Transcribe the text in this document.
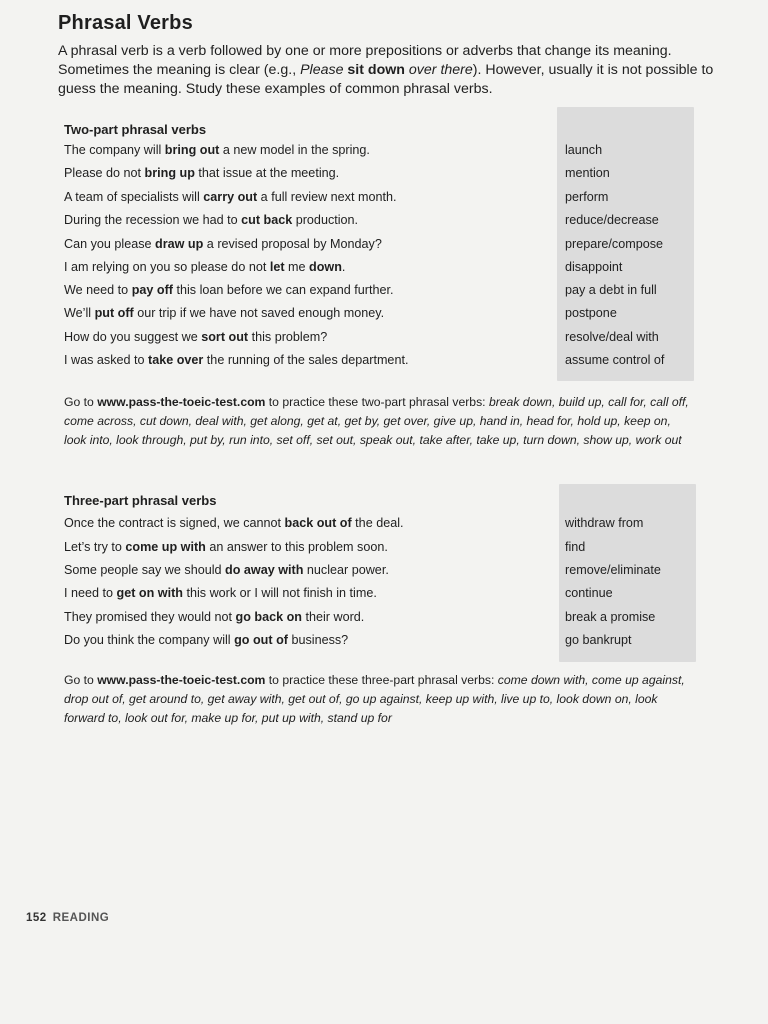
Phrasal Verbs
A phrasal verb is a verb followed by one or more prepositions or adverbs that change its meaning.
Sometimes the meaning is clear (e.g., Please sit down over there). However, usually it is not possible to
guess the meaning. Study these examples of common phrasal verbs.
Two-part phrasal verbs
The company will bring out a new model in the spring.	launch
Please do not bring up that issue at the meeting.	mention
A team of specialists will carry out a full review next month.	perform
During the recession we had to cut back production.	reduce/decrease
Can you please draw up a revised proposal by Monday?	prepare/compose
I am relying on you so please do not let me down.	disappoint
We need to pay off this loan before we can expand further.	pay a debt in full
We’ll put off our trip if we have not saved enough money.	postpone
How do you suggest we sort out this problem?	resolve/deal with
I was asked to take over the running of the sales department.	assume control of
Go to www.pass-the-toeic-test.com to practice these two-part phrasal verbs: break down, build up, call for, call off, come across, cut down, deal with, get along, get at, get by, get over, give up, hand in, head for, hold up, keep on, look into, look through, put by, run into, set off, set out, speak out, take after, take up, turn down, show up, work out
Three-part phrasal verbs
Once the contract is signed, we cannot back out of the deal.	withdraw from
Let’s try to come up with an answer to this problem soon.	find
Some people say we should do away with nuclear power.	remove/eliminate
I need to get on with this work or I will not finish in time.	continue
They promised they would not go back on their word.	break a promise
Do you think the company will go out of business?	go bankrupt
Go to www.pass-the-toeic-test.com to practice these three-part phrasal verbs: come down with, come up against, drop out of, get around to, get away with, get out of, go up against, keep up with, live up to, look down on, look forward to, look out for, make up for, put up with, stand up for
152 READING
